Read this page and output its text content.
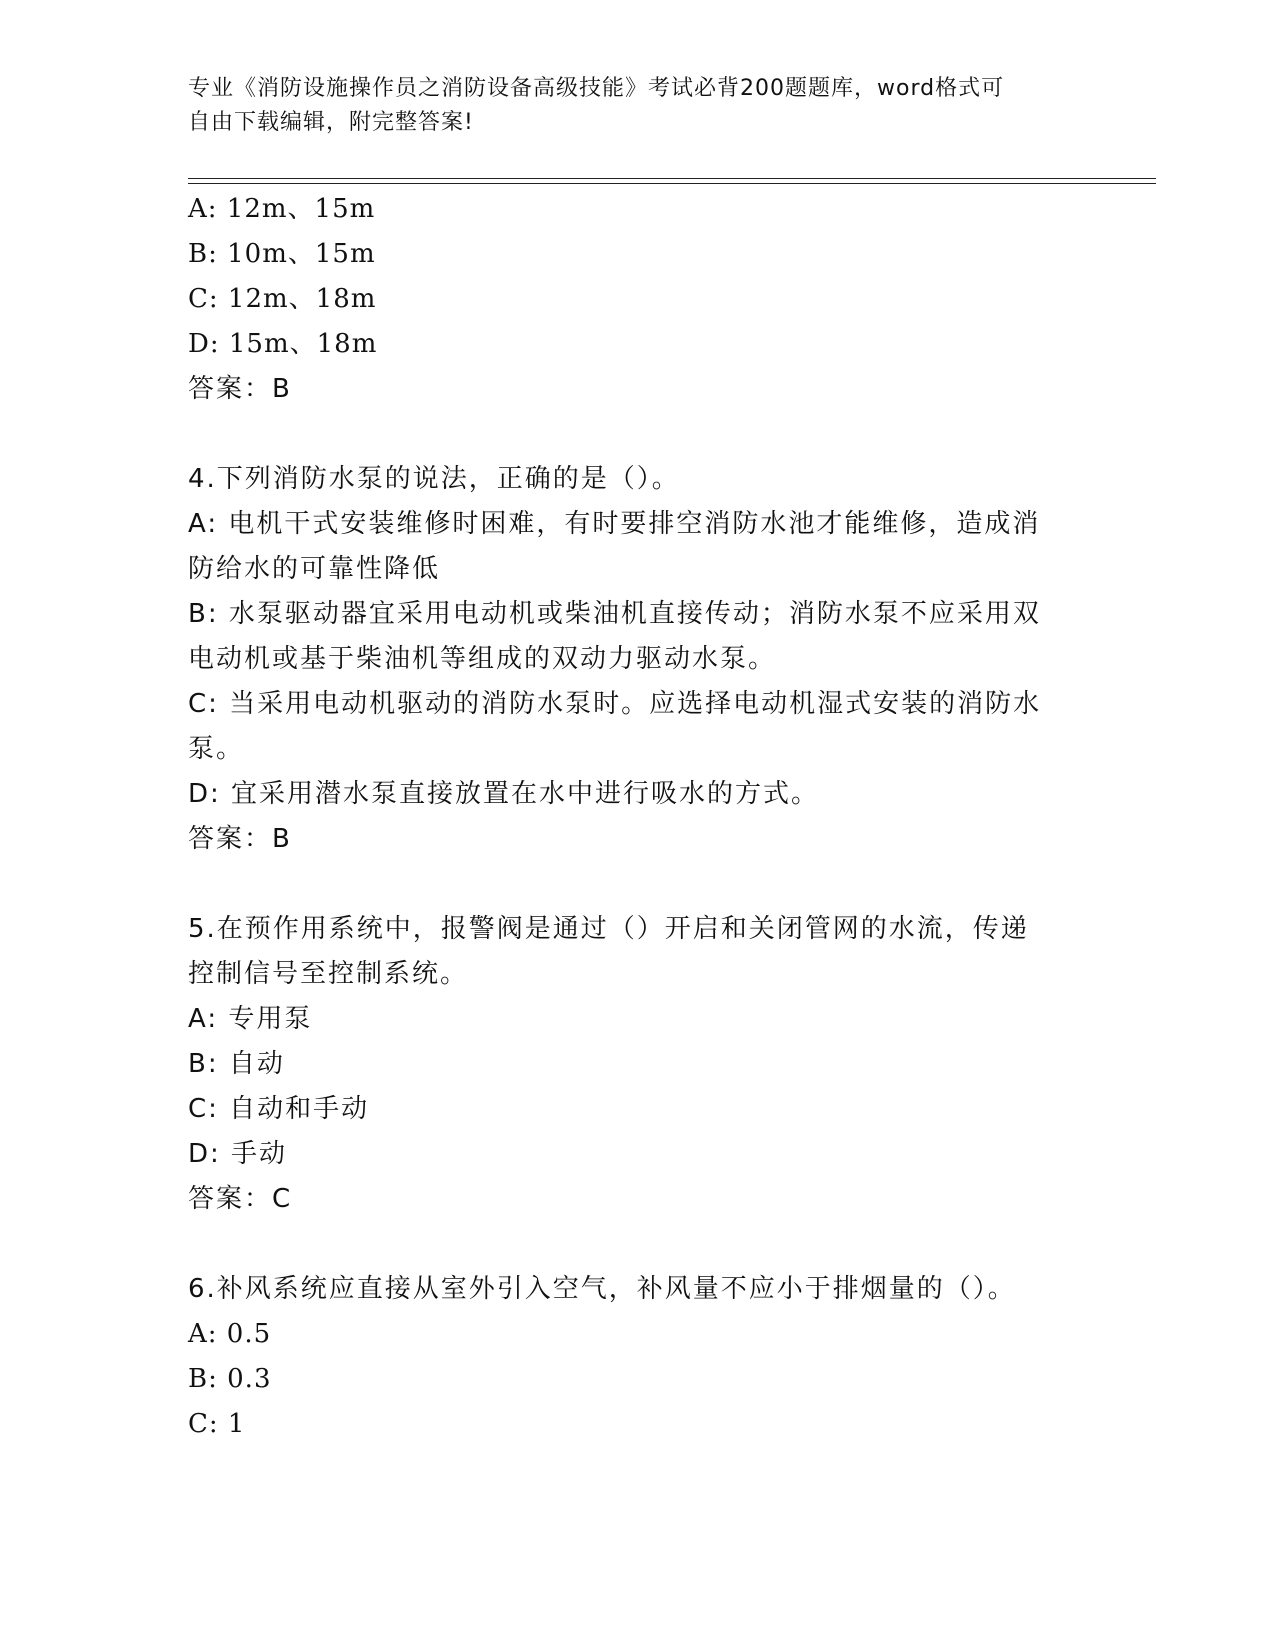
专业《消防设施操作员之消防设备高级技能》考试必背200题题库，word格式可
自由下载编辑，附完整答案!
A: 12m、15m
B: 10m、15m
C: 12m、18m
D: 15m、18m
答案：B
4.下列消防水泵的说法，正确的是（）。
A: 电机干式安装维修时困难，有时要排空消防水池才能维修，造成消
防给水的可靠性降低
B: 水泵驱动器宜采用电动机或柴油机直接传动；消防水泵不应采用双
电动机或基于柴油机等组成的双动力驱动水泵。
C: 当采用电动机驱动的消防水泵时。应选择电动机湿式安装的消防水
泵。
D: 宜采用潜水泵直接放置在水中进行吸水的方式。
答案：B
5.在预作用系统中，报警阀是通过（）开启和关闭管网的水流，传递
控制信号至控制系统。
A: 专用泵
B: 自动
C: 自动和手动
D: 手动
答案：C
6.补风系统应直接从室外引入空气，补风量不应小于排烟量的（）。
A: 0.5
B: 0.3
C: 1
